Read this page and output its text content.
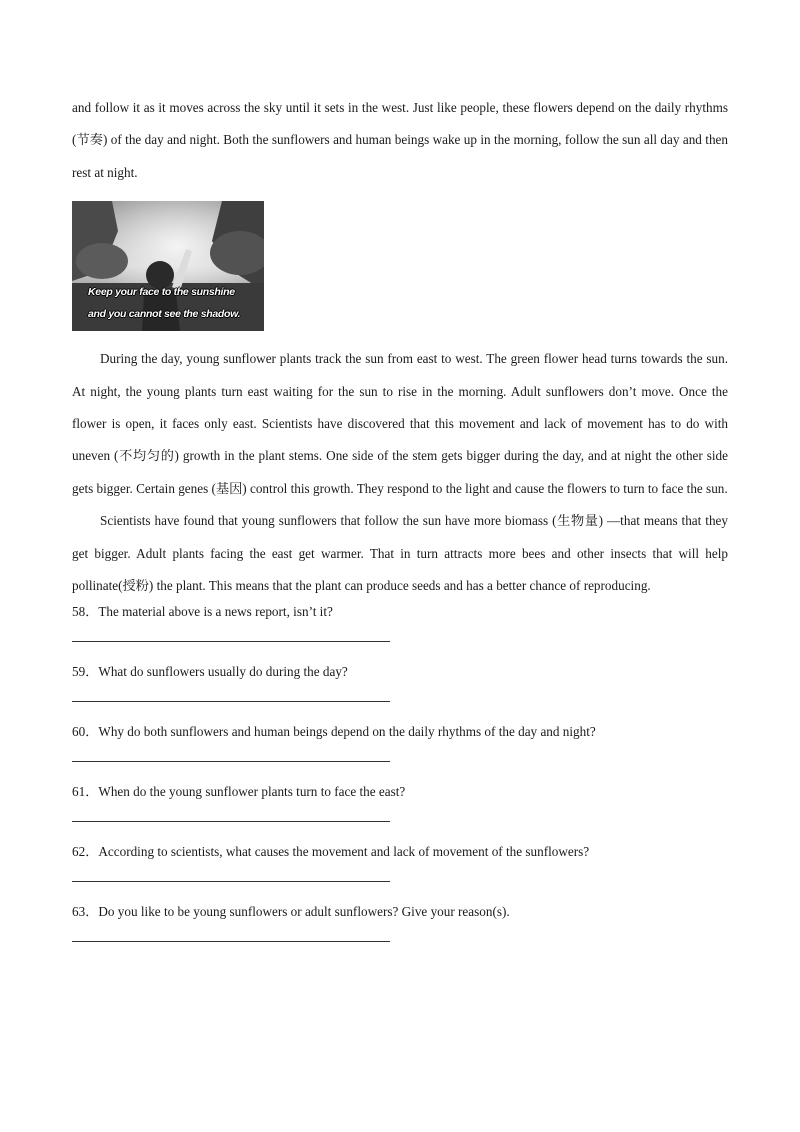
and follow it as it moves across the sky until it sets in the west. Just like people, these flowers depend on the daily rhythms (节奏) of the day and night. Both the sunflowers and human beings wake up in the morning, follow the sun all day and then rest at night.

Keep your face to the sunshine
and you cannot see the shadow.

During the day, young sunflower plants track the sun from east to west. The green flower head turns towards the sun. At night, the young plants turn east waiting for the sun to rise in the morning. Adult sunflowers don’t move. Once the flower is open, it faces only east. Scientists have discovered that this movement and lack of movement has to do with uneven (不均匀的) growth in the plant stems. One side of the stem gets bigger during the day, and at night the other side gets bigger. Certain genes (基因) control this growth. They respond to the light and cause the flowers to turn to face the sun.

Scientists have found that young sunflowers that follow the sun have more biomass (生物量) —that means that they get bigger. Adult plants facing the east get warmer. That in turn attracts more bees and other insects that will help pollinate(授粉) the plant. This means that the plant can produce seeds and has a better chance of reproducing.

58．The material above is a news report, isn’t it?

59．What do sunflowers usually do during the day?

60．Why do both sunflowers and human beings depend on the daily rhythms of the day and night?

61．When do the young sunflower plants turn to face the east?

62．According to scientists, what causes the movement and lack of movement of the sunflowers?

63．Do you like to be young sunflowers or adult sunflowers? Give your reason(s).
